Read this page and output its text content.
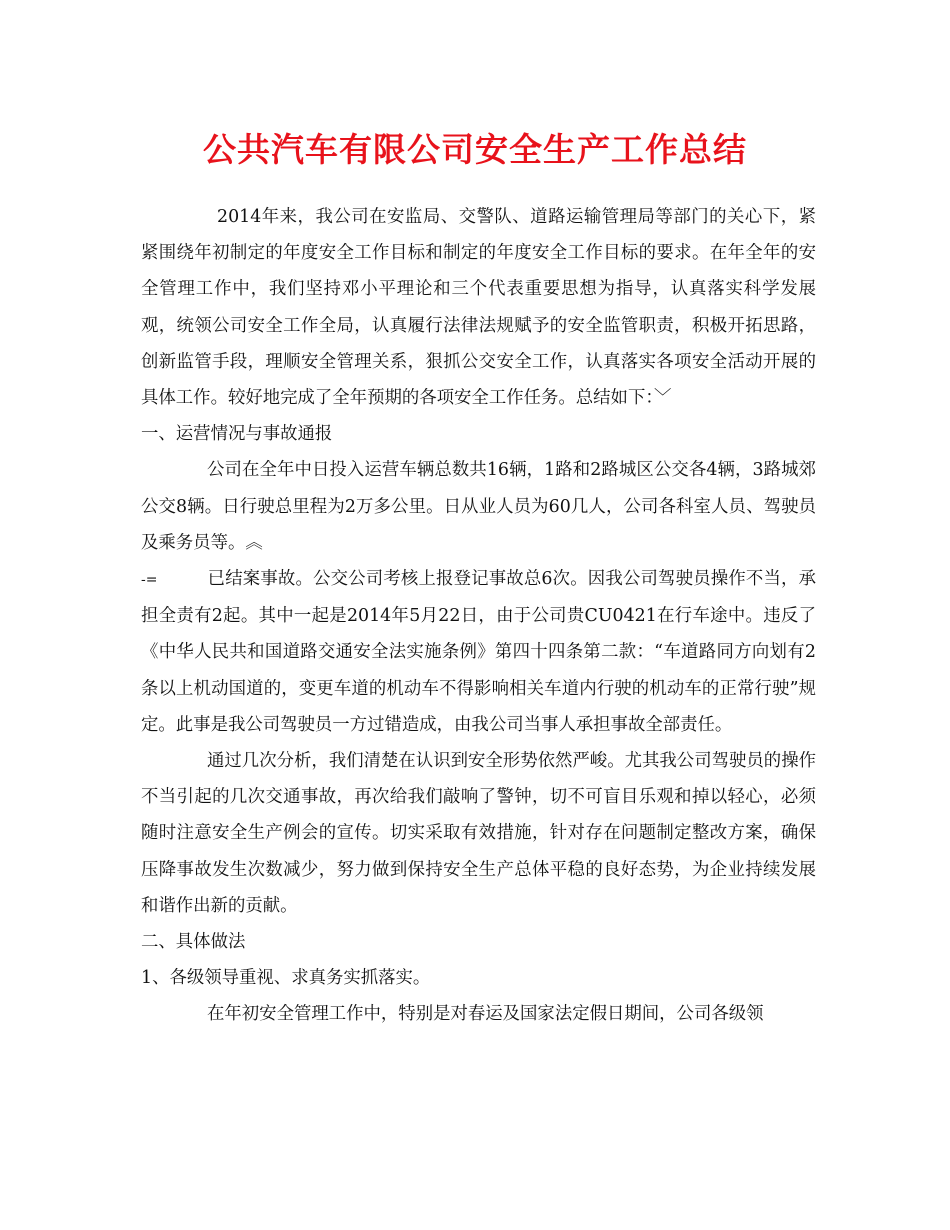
公共汽车有限公司安全生产工作总结

2014年来，我公司在安监局、交警队、道路运输管理局等部门的关心下，紧紧围绕年初制定的年度安全工作目标和制定的年度安全工作目标的要求。在年全年的安全管理工作中，我们坚持邓小平理论和三个代表重要思想为指导，认真落实科学发展观，统领公司安全工作全局，认真履行法律法规赋予的安全监管职责，积极开拓思路，创新监管手段，理顺安全管理关系，狠抓公交安全工作，认真落实各项安全活动开展的具体工作。较好地完成了全年预期的各项安全工作任务。总结如下：﹀

一、运营情况与事故通报

公司在全年中日投入运营车辆总数共16辆，1路和2路城区公交各4辆，3路城郊公交8辆。日行驶总里程为2万多公里。日从业人员为60几人，公司各科室人员、驾驶员及乘务员等。︽

-=	已结案事故。公交公司考核上报登记事故总6次。因我公司驾驶员操作不当，承担全责有2起。其中一起是2014年5月22日，由于公司贵CU0421在行车途中。违反了《中华人民共和国道路交通安全法实施条例》第四十四条第二款：“车道路同方向划有2条以上机动国道的，变更车道的机动车不得影响相关车道内行驶的机动车的正常行驶”规定。此事是我公司驾驶员一方过错造成，由我公司当事人承担事故全部责任。

通过几次分析，我们清楚在认识到安全形势依然严峻。尤其我公司驾驶员的操作不当引起的几次交通事故，再次给我们敲响了警钟，切不可盲目乐观和掉以轻心，必须随时注意安全生产例会的宣传。切实采取有效措施，针对存在问题制定整改方案，确保压降事故发生次数减少，努力做到保持安全生产总体平稳的良好态势，为企业持续发展和谐作出新的贡献。

二、具体做法

1、各级领导重视、求真务实抓落实。

在年初安全管理工作中，特别是对春运及国家法定假日期间，公司各级领
